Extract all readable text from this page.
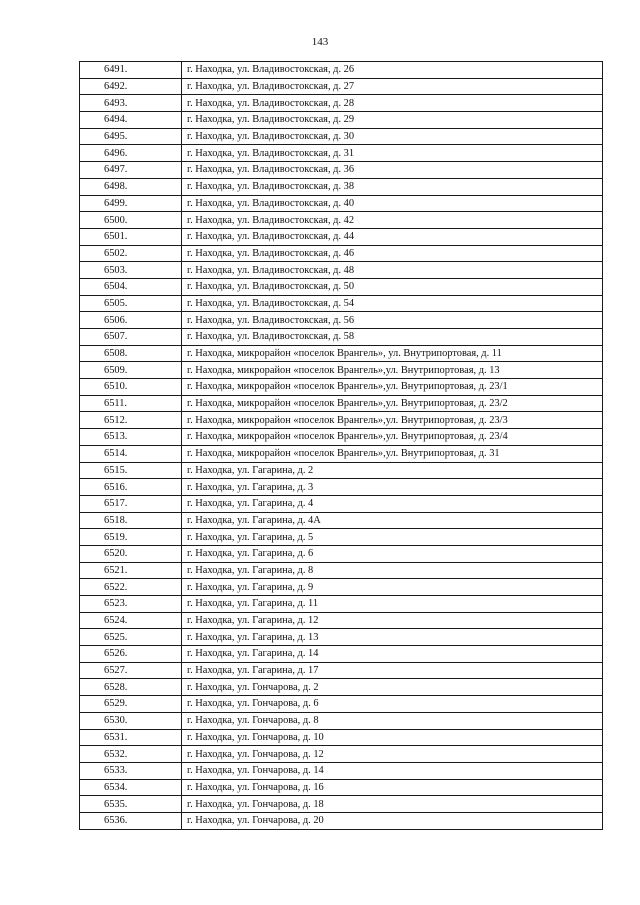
143
6491.	г. Находка, ул. Владивостокская, д. 26
6492.	г. Находка, ул. Владивостокская, д. 27
6493.	г. Находка, ул. Владивостокская, д. 28
6494.	г. Находка, ул. Владивостокская, д. 29
6495.	г. Находка, ул. Владивостокская, д. 30
6496.	г. Находка, ул. Владивостокская, д. 31
6497.	г. Находка, ул. Владивостокская, д. 36
6498.	г. Находка, ул. Владивостокская, д. 38
6499.	г. Находка, ул. Владивостокская, д. 40
6500.	г. Находка, ул. Владивостокская, д. 42
6501.	г. Находка, ул. Владивостокская, д. 44
6502.	г. Находка, ул. Владивостокская, д. 46
6503.	г. Находка, ул. Владивостокская, д. 48
6504.	г. Находка, ул. Владивостокская, д. 50
6505.	г. Находка, ул. Владивостокская, д. 54
6506.	г. Находка, ул. Владивостокская, д. 56
6507.	г. Находка, ул. Владивостокская, д. 58
6508.	г. Находка, микрорайон «поселок Врангель», ул. Внутрипортовая, д. 11
6509.	г. Находка, микрорайон «поселок Врангель»,ул. Внутрипортовая, д. 13
6510.	г. Находка, микрорайон «поселок Врангель»,ул. Внутрипортовая, д. 23/1
6511.	г. Находка, микрорайон «поселок Врангель»,ул. Внутрипортовая, д. 23/2
6512.	г. Находка, микрорайон «поселок Врангель»,ул. Внутрипортовая, д. 23/3
6513.	г. Находка, микрорайон «поселок Врангель»,ул. Внутрипортовая, д. 23/4
6514.	г. Находка, микрорайон «поселок Врангель»,ул. Внутрипортовая, д. 31
6515.	г. Находка, ул. Гагарина, д. 2
6516.	г. Находка, ул. Гагарина, д. 3
6517.	г. Находка, ул. Гагарина, д. 4
6518.	г. Находка, ул. Гагарина, д. 4А
6519.	г. Находка, ул. Гагарина, д. 5
6520.	г. Находка, ул. Гагарина, д. 6
6521.	г. Находка, ул. Гагарина, д. 8
6522.	г. Находка, ул. Гагарина, д. 9
6523.	г. Находка, ул. Гагарина, д. 11
6524.	г. Находка, ул. Гагарина, д. 12
6525.	г. Находка, ул. Гагарина, д. 13
6526.	г. Находка, ул. Гагарина, д. 14
6527.	г. Находка, ул. Гагарина, д. 17
6528.	г. Находка, ул. Гончарова, д. 2
6529.	г. Находка, ул. Гончарова, д. 6
6530.	г. Находка, ул. Гончарова, д. 8
6531.	г. Находка, ул. Гончарова, д. 10
6532.	г. Находка, ул. Гончарова, д. 12
6533.	г. Находка, ул. Гончарова, д. 14
6534.	г. Находка, ул. Гончарова, д. 16
6535.	г. Находка, ул. Гончарова, д. 18
6536.	г. Находка, ул. Гончарова, д. 20
